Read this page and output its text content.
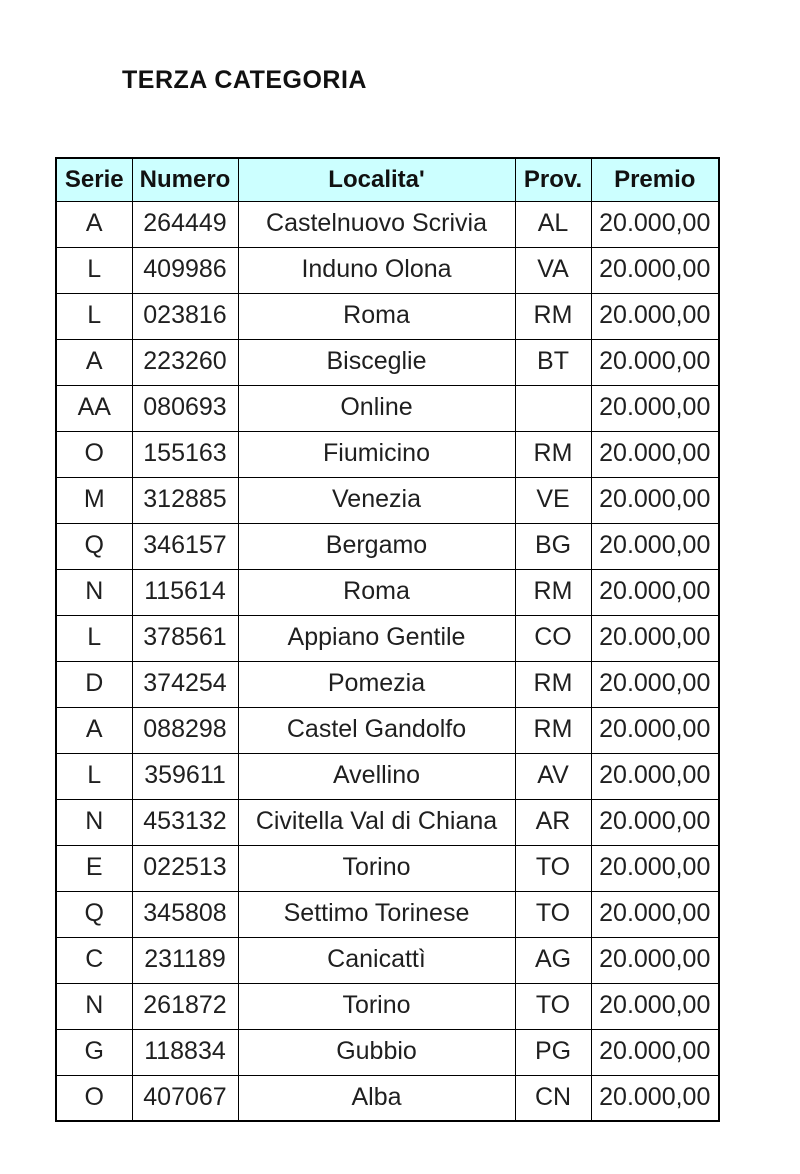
TERZA CATEGORIA
Serie	Numero	Localita'	Prov.	Premio
A	264449	Castelnuovo Scrivia	AL	20.000,00
L	409986	Induno Olona	VA	20.000,00
L	023816	Roma	RM	20.000,00
A	223260	Bisceglie	BT	20.000,00
AA	080693	Online		20.000,00
O	155163	Fiumicino	RM	20.000,00
M	312885	Venezia	VE	20.000,00
Q	346157	Bergamo	BG	20.000,00
N	115614	Roma	RM	20.000,00
L	378561	Appiano Gentile	CO	20.000,00
D	374254	Pomezia	RM	20.000,00
A	088298	Castel Gandolfo	RM	20.000,00
L	359611	Avellino	AV	20.000,00
N	453132	Civitella Val di Chiana	AR	20.000,00
E	022513	Torino	TO	20.000,00
Q	345808	Settimo Torinese	TO	20.000,00
C	231189	Canicattì	AG	20.000,00
N	261872	Torino	TO	20.000,00
G	118834	Gubbio	PG	20.000,00
O	407067	Alba	CN	20.000,00
